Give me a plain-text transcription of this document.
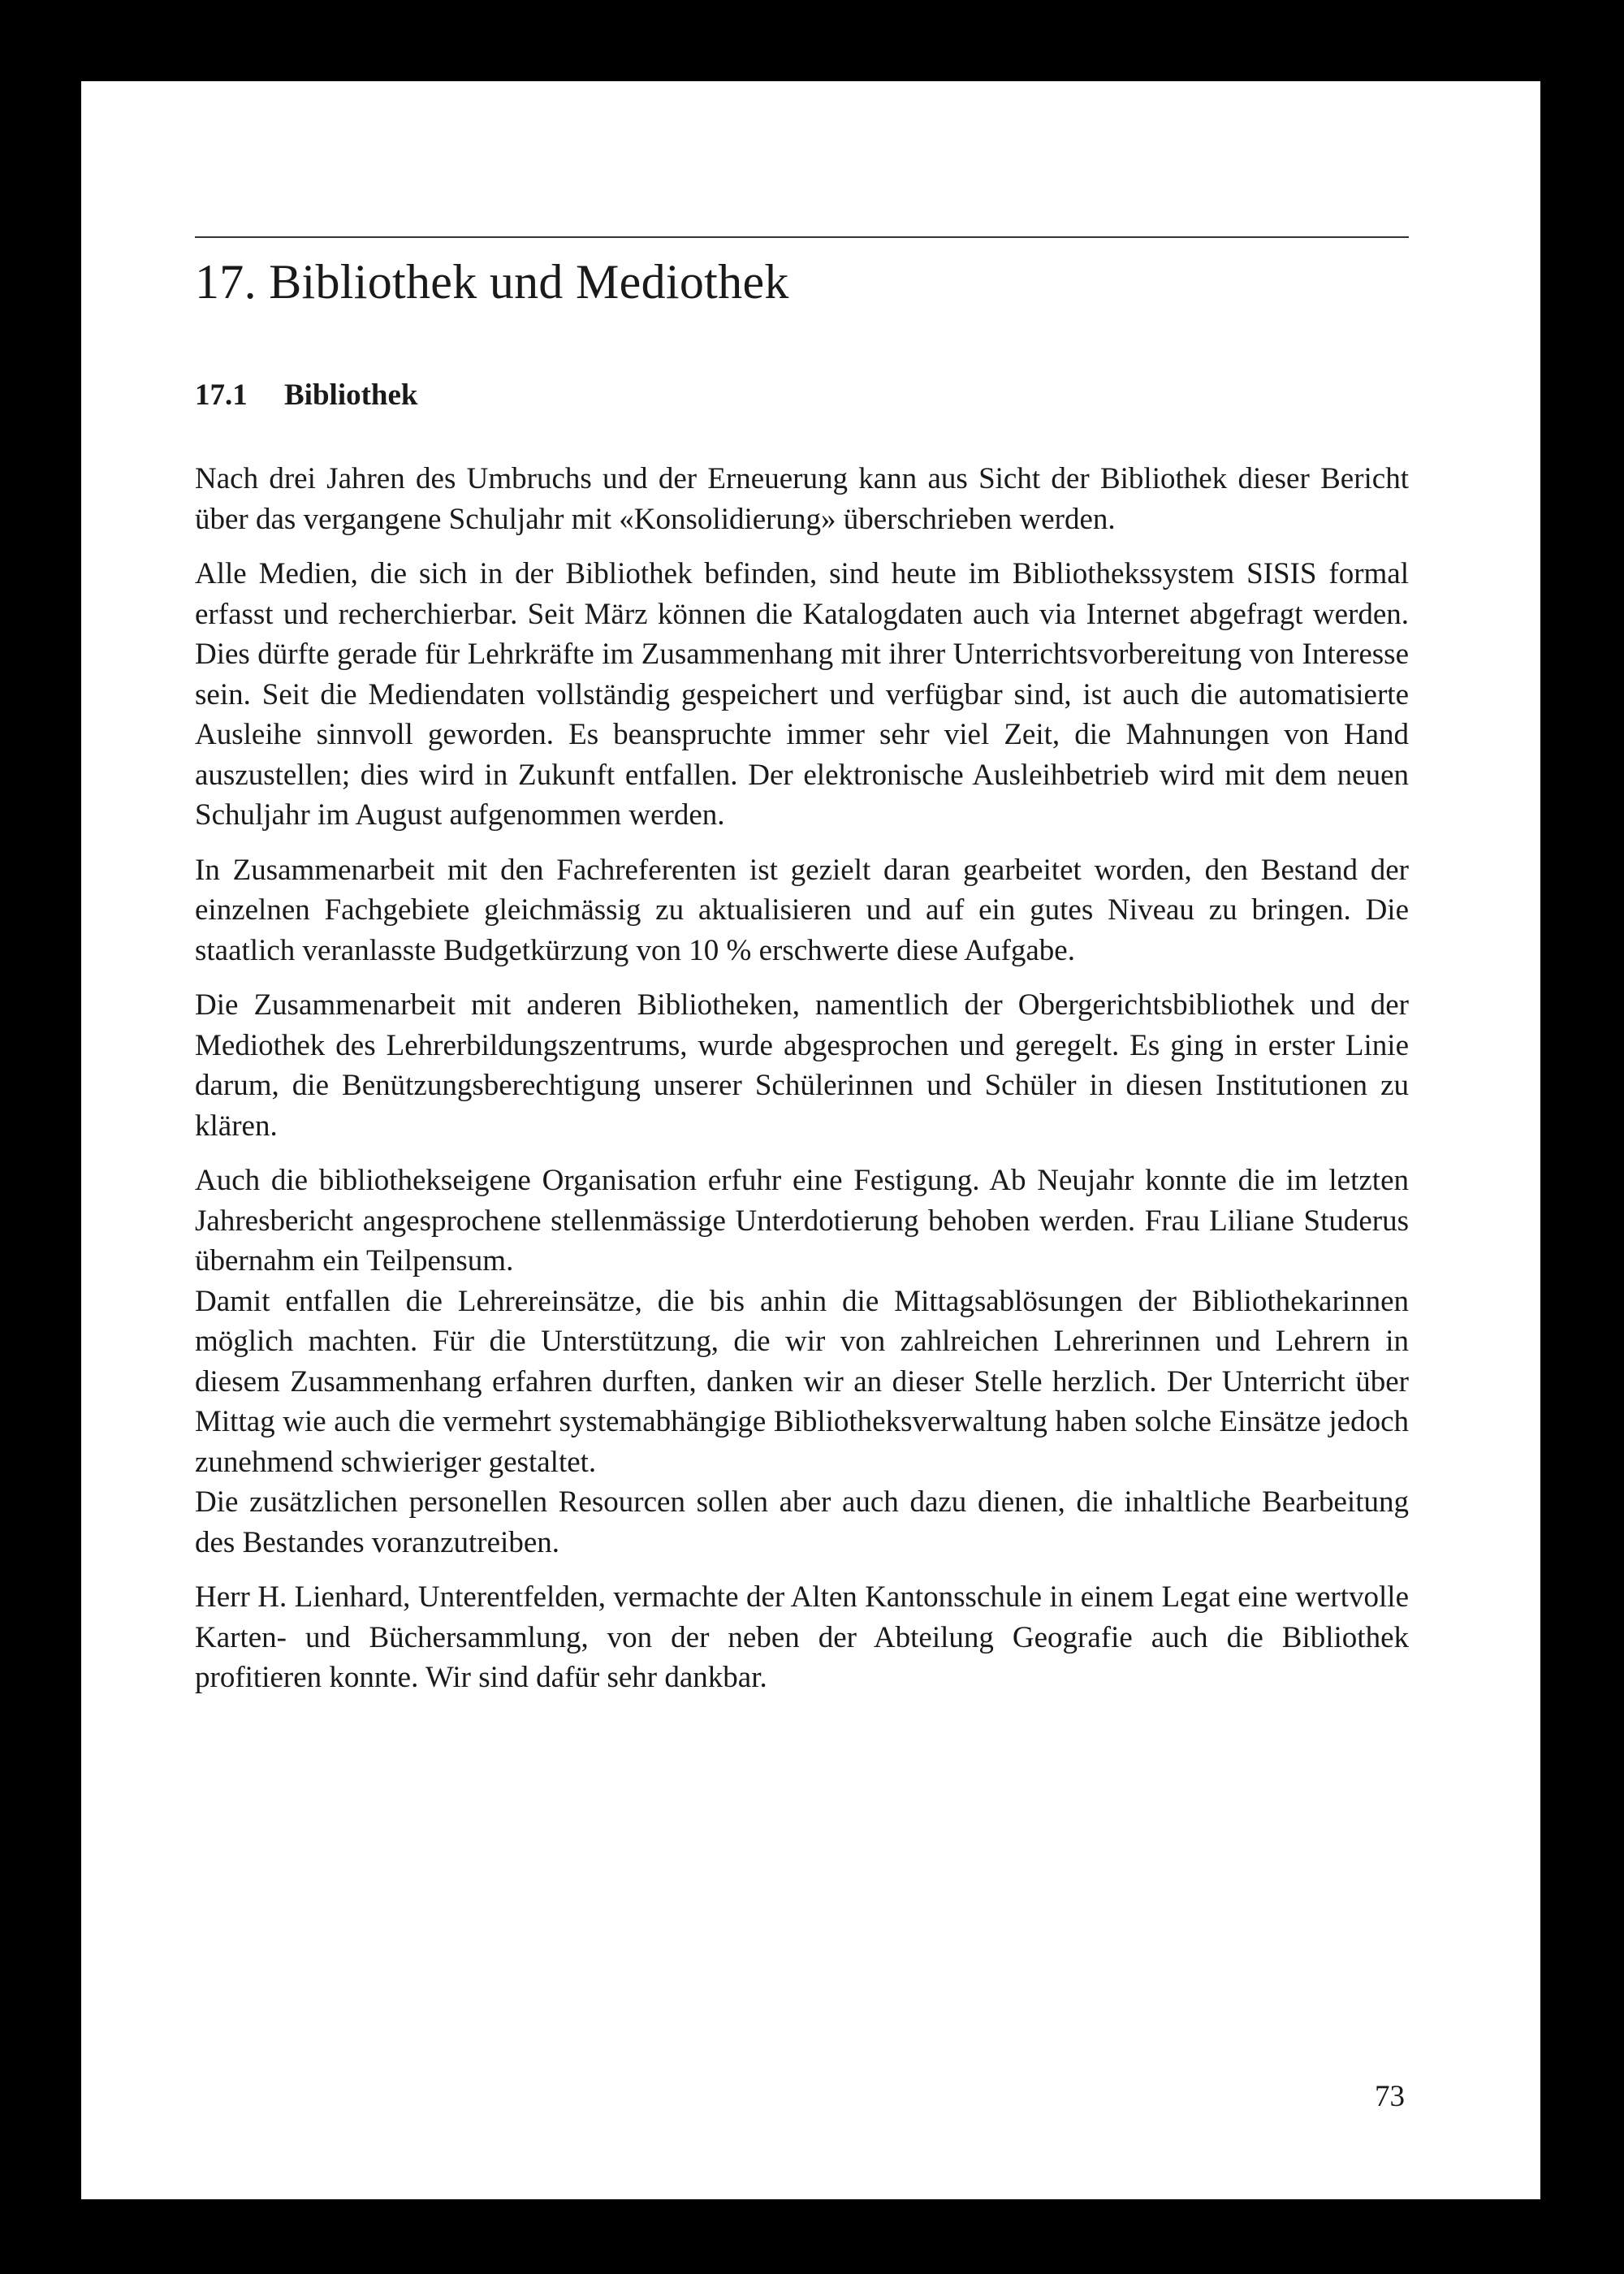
17. Bibliothek und Mediothek
17.1 Bibliothek

Nach drei Jahren des Umbruchs und der Erneuerung kann aus Sicht der Bibliothek dieser Bericht über das vergangene Schuljahr mit «Konsolidierung» überschrieben werden.

Alle Medien, die sich in der Bibliothek befinden, sind heute im Bibliothekssystem SISIS formal erfasst und recherchierbar. Seit März können die Katalogdaten auch via Internet abgefragt werden. Dies dürfte gerade für Lehrkräfte im Zusammenhang mit ihrer Unterrichtsvorbereitung von Interesse sein. Seit die Mediendaten vollständig gespeichert und verfügbar sind, ist auch die automatisierte Ausleihe sinnvoll geworden. Es beanspruchte immer sehr viel Zeit, die Mahnungen von Hand auszustellen; dies wird in Zukunft entfallen. Der elektronische Ausleihbetrieb wird mit dem neuen Schuljahr im August aufgenommen werden.

In Zusammenarbeit mit den Fachreferenten ist gezielt daran gearbeitet worden, den Bestand der einzelnen Fachgebiete gleichmässig zu aktualisieren und auf ein gutes Niveau zu bringen. Die staatlich veranlasste Budgetkürzung von 10 % erschwerte diese Aufgabe.

Die Zusammenarbeit mit anderen Bibliotheken, namentlich der Obergerichtsbibliothek und der Mediothek des Lehrerbildungszentrums, wurde abgesprochen und geregelt. Es ging in erster Linie darum, die Benützungsberechtigung unserer Schülerinnen und Schüler in diesen Institutionen zu klären.

Auch die bibliothekseigene Organisation erfuhr eine Festigung. Ab Neujahr konnte die im letzten Jahresbericht angesprochene stellenmässige Unterdotierung behoben werden. Frau Liliane Studerus übernahm ein Teilpensum.

Damit entfallen die Lehrereinsätze, die bis anhin die Mittagsablösungen der Bibliothekarinnen möglich machten. Für die Unterstützung, die wir von zahlreichen Lehrerinnen und Lehrern in diesem Zusammenhang erfahren durften, danken wir an dieser Stelle herzlich. Der Unterricht über Mittag wie auch die vermehrt systemabhängige Bibliotheksverwaltung haben solche Einsätze jedoch zunehmend schwieriger gestaltet.

Die zusätzlichen personellen Resourcen sollen aber auch dazu dienen, die inhaltliche Bearbeitung des Bestandes voranzutreiben.

Herr H. Lienhard, Unterentfelden, vermachte der Alten Kantonsschule in einem Legat eine wertvolle Karten- und Büchersammlung, von der neben der Abteilung Geografie auch die Bibliothek profitieren konnte. Wir sind dafür sehr dankbar.

73
